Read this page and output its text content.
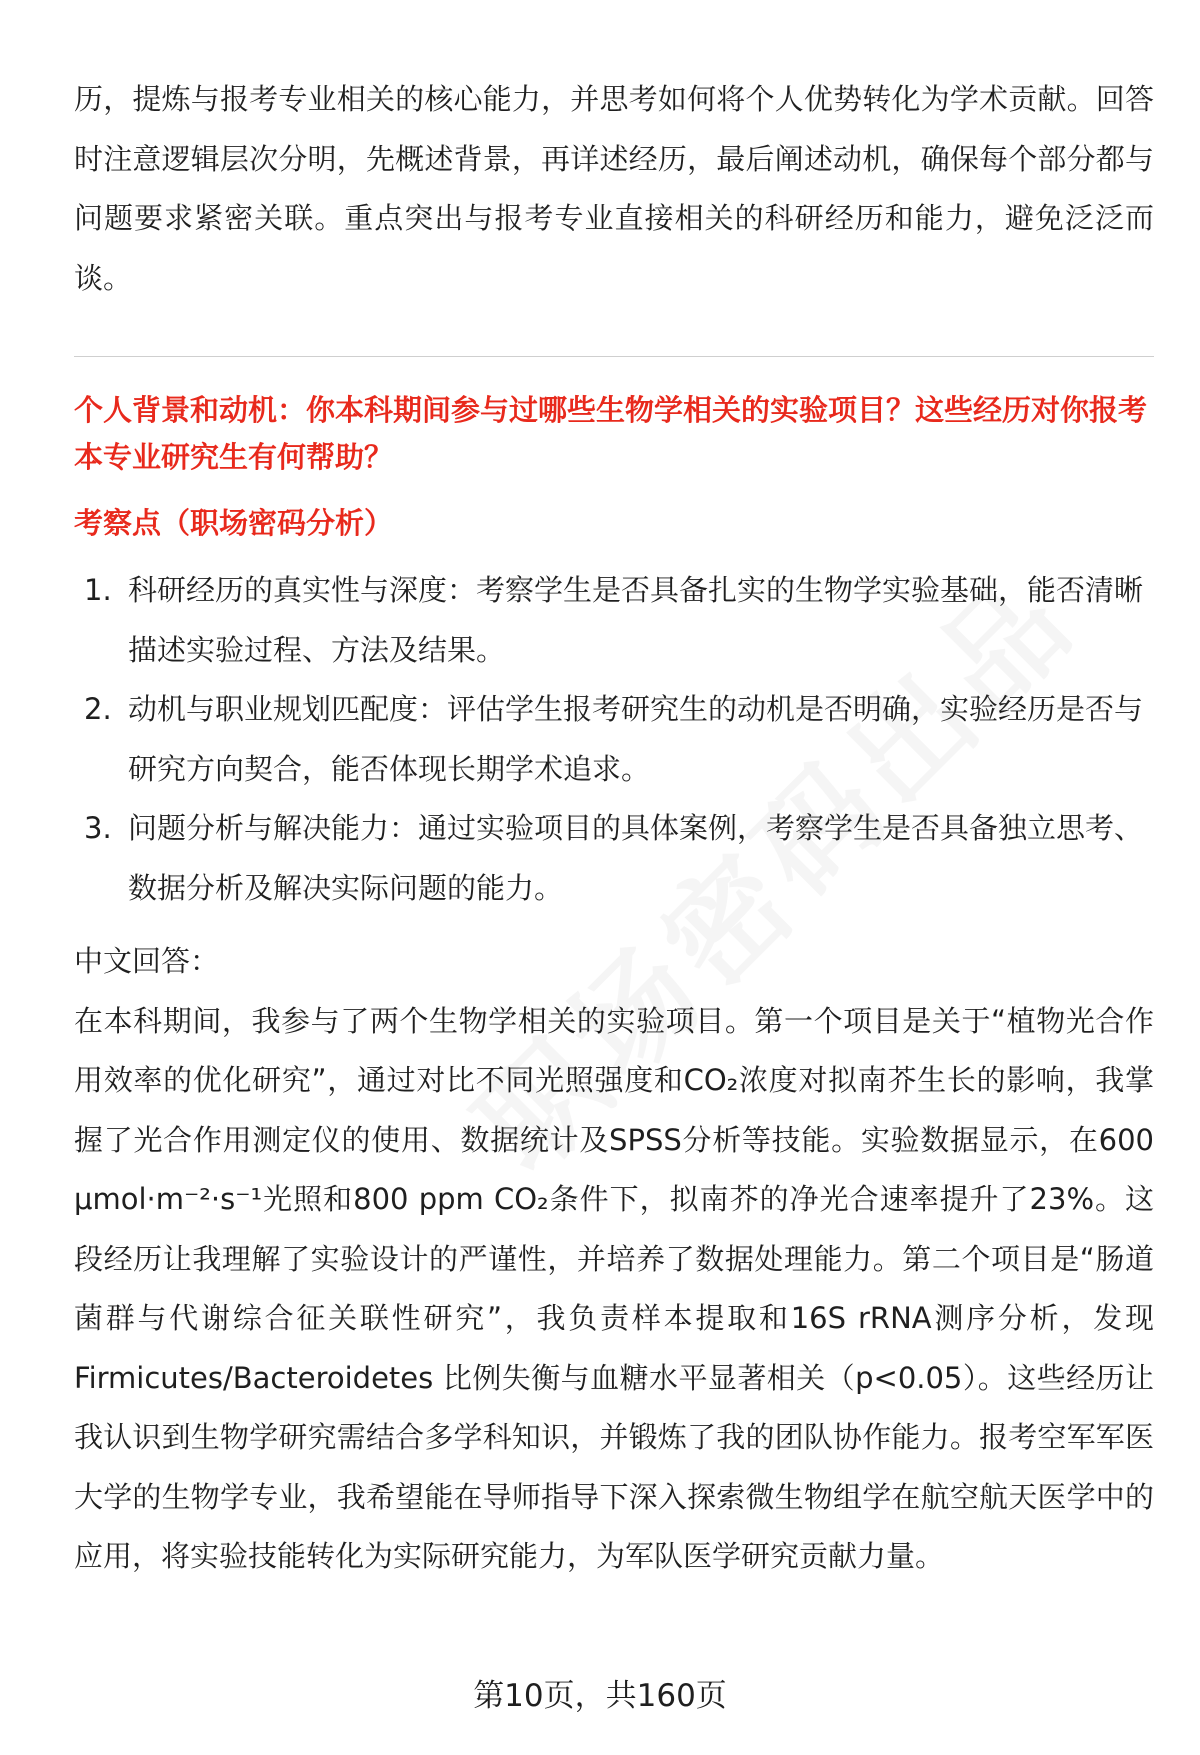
历，提炼与报考专业相关的核心能力，并思考如何将个人优势转化为学术贡献。回答时注意逻辑层次分明，先概述背景，再详述经历，最后阐述动机，确保每个部分都与问题要求紧密关联。重点突出与报考专业直接相关的科研经历和能力，避免泛泛而谈。

个人背景和动机：你本科期间参与过哪些生物学相关的实验项目？这些经历对你报考本专业研究生有何帮助？

考察点（职场密码分析）

1. 科研经历的真实性与深度：考察学生是否具备扎实的生物学实验基础，能否清晰描述实验过程、方法及结果。
2. 动机与职业规划匹配度：评估学生报考研究生的动机是否明确，实验经历是否与研究方向契合，能否体现长期学术追求。
3. 问题分析与解决能力：通过实验项目的具体案例，考察学生是否具备独立思考、数据分析及解决实际问题的能力。

中文回答：

在本科期间，我参与了两个生物学相关的实验项目。第一个项目是关于“植物光合作用效率的优化研究”，通过对比不同光照强度和CO₂浓度对拟南芥生长的影响，我掌握了光合作用测定仪的使用、数据统计及SPSS分析等技能。实验数据显示，在600 μmol·m⁻²·s⁻¹光照和800 ppm CO₂条件下，拟南芥的净光合速率提升了23%。这段经历让我理解了实验设计的严谨性，并培养了数据处理能力。第二个项目是“肠道菌群与代谢综合征关联性研究”，我负责样本提取和16S rRNA测序分析，发现 Firmicutes/Bacteroidetes 比例失衡与血糖水平显著相关（p<0.05）。这些经历让我认识到生物学研究需结合多学科知识，并锻炼了我的团队协作能力。报考空军军医大学的生物学专业，我希望能在导师指导下深入探索微生物组学在航空航天医学中的应用，将实验技能转化为实际研究能力，为军队医学研究贡献力量。

第10页，共160页
